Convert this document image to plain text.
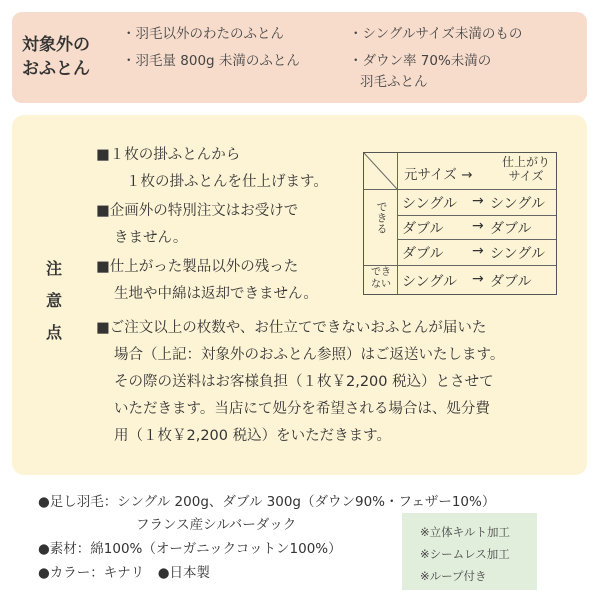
対象外の
おふとん
・羽毛以外のわたのふとん
・羽毛量 800g 未満のふとん
・シングルサイズ未満のもの
・ダウン率 70%未満の
羽毛ふとん
注
意
点
■１枚の掛ふとんから
１枚の掛ふとんを仕上げます。
■企画外の特別注文はお受けで
きません。
■仕上がった製品以外の残った
生地や中綿は返却できません。
■ご注文以上の枚数や、お仕立てできないおふとんが届いた
場合（上記：対象外のおふとん参照）はご返送いたします。
その際の送料はお客様負担（１枚￥2,200 税込）とさせて
いただきます。当店にて処分を希望される場合は、処分費
用（１枚￥2,200 税込）をいただきます。
元サイズ →
仕上がり
サイズ
できる
でき
ない
シングル → シングル
ダブル → ダブル
ダブル → シングル
シングル → ダブル
●足し羽毛：シングル 200g、ダブル 300g（ダウン90%・フェザー10%）
フランス産シルバーダック
●素材：綿100%（オーガニックコットン100%）
●カラー：キナリ　●日本製
※立体キルト加工
※シームレス加工
※ループ付き
